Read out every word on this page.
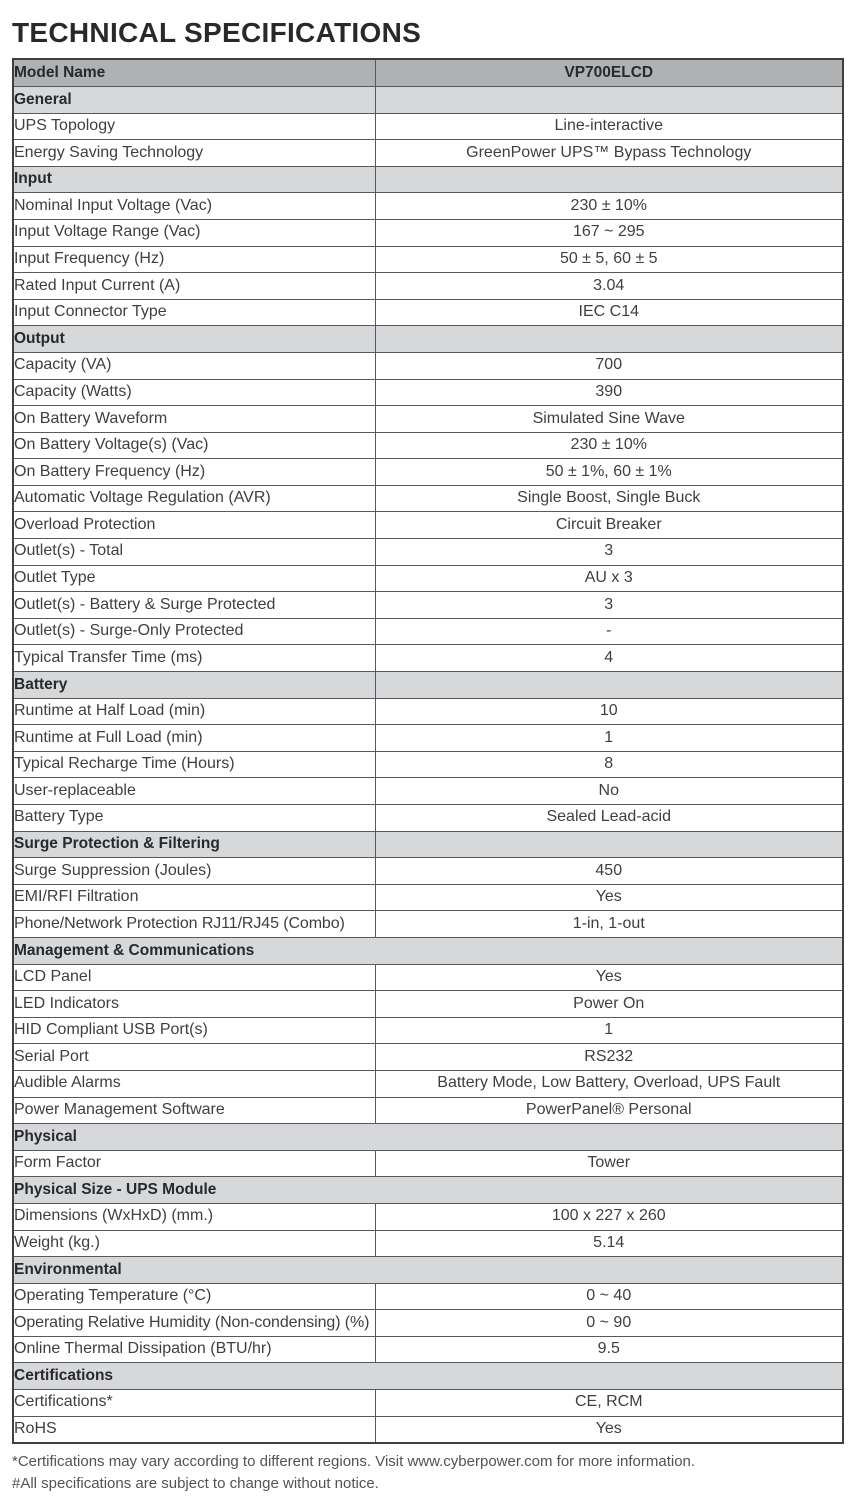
TECHNICAL SPECIFICATIONS
Model Name	VP700ELCD
General	
UPS Topology	Line-interactive
Energy Saving Technology	GreenPower UPS™ Bypass Technology
Input	
Nominal Input Voltage (Vac)	230 ± 10%
Input Voltage Range (Vac)	167 ~ 295
Input Frequency (Hz)	50 ± 5, 60 ± 5
Rated Input Current (A)	3.04
Input Connector Type	IEC C14
Output	
Capacity (VA)	700
Capacity (Watts)	390
On Battery Waveform	Simulated Sine Wave
On Battery Voltage(s) (Vac)	230 ± 10%
On Battery Frequency (Hz)	50 ± 1%, 60 ± 1%
Automatic Voltage Regulation (AVR)	Single Boost, Single Buck
Overload Protection	Circuit Breaker
Outlet(s) - Total	3
Outlet Type	AU x 3
Outlet(s) - Battery & Surge Protected	3
Outlet(s) - Surge-Only Protected	-
Typical Transfer Time (ms)	4
Battery	
Runtime at Half Load (min)	10
Runtime at Full Load (min)	1
Typical Recharge Time (Hours)	8
User-replaceable	No
Battery Type	Sealed Lead-acid
Surge Protection & Filtering	
Surge Suppression (Joules)	450
EMI/RFI Filtration	Yes
Phone/Network Protection RJ11/RJ45 (Combo)	1-in, 1-out
Management & Communications	
LCD Panel	Yes
LED Indicators	Power On
HID Compliant USB Port(s)	1
Serial Port	RS232
Audible Alarms	Battery Mode, Low Battery, Overload, UPS Fault
Power Management Software	PowerPanel® Personal
Physical	
Form Factor	Tower
Physical Size - UPS Module	
Dimensions (WxHxD) (mm.)	100 x 227 x 260
Weight (kg.)	5.14
Environmental	
Operating Temperature (°C)	0 ~ 40
Operating Relative Humidity (Non-condensing) (%)	0 ~ 90
Online Thermal Dissipation (BTU/hr)	9.5
Certifications	
Certifications*	CE, RCM
RoHS	Yes

*Certifications may vary according to different regions. Visit www.cyberpower.com for more information.

#All specifications are subject to change without notice.
